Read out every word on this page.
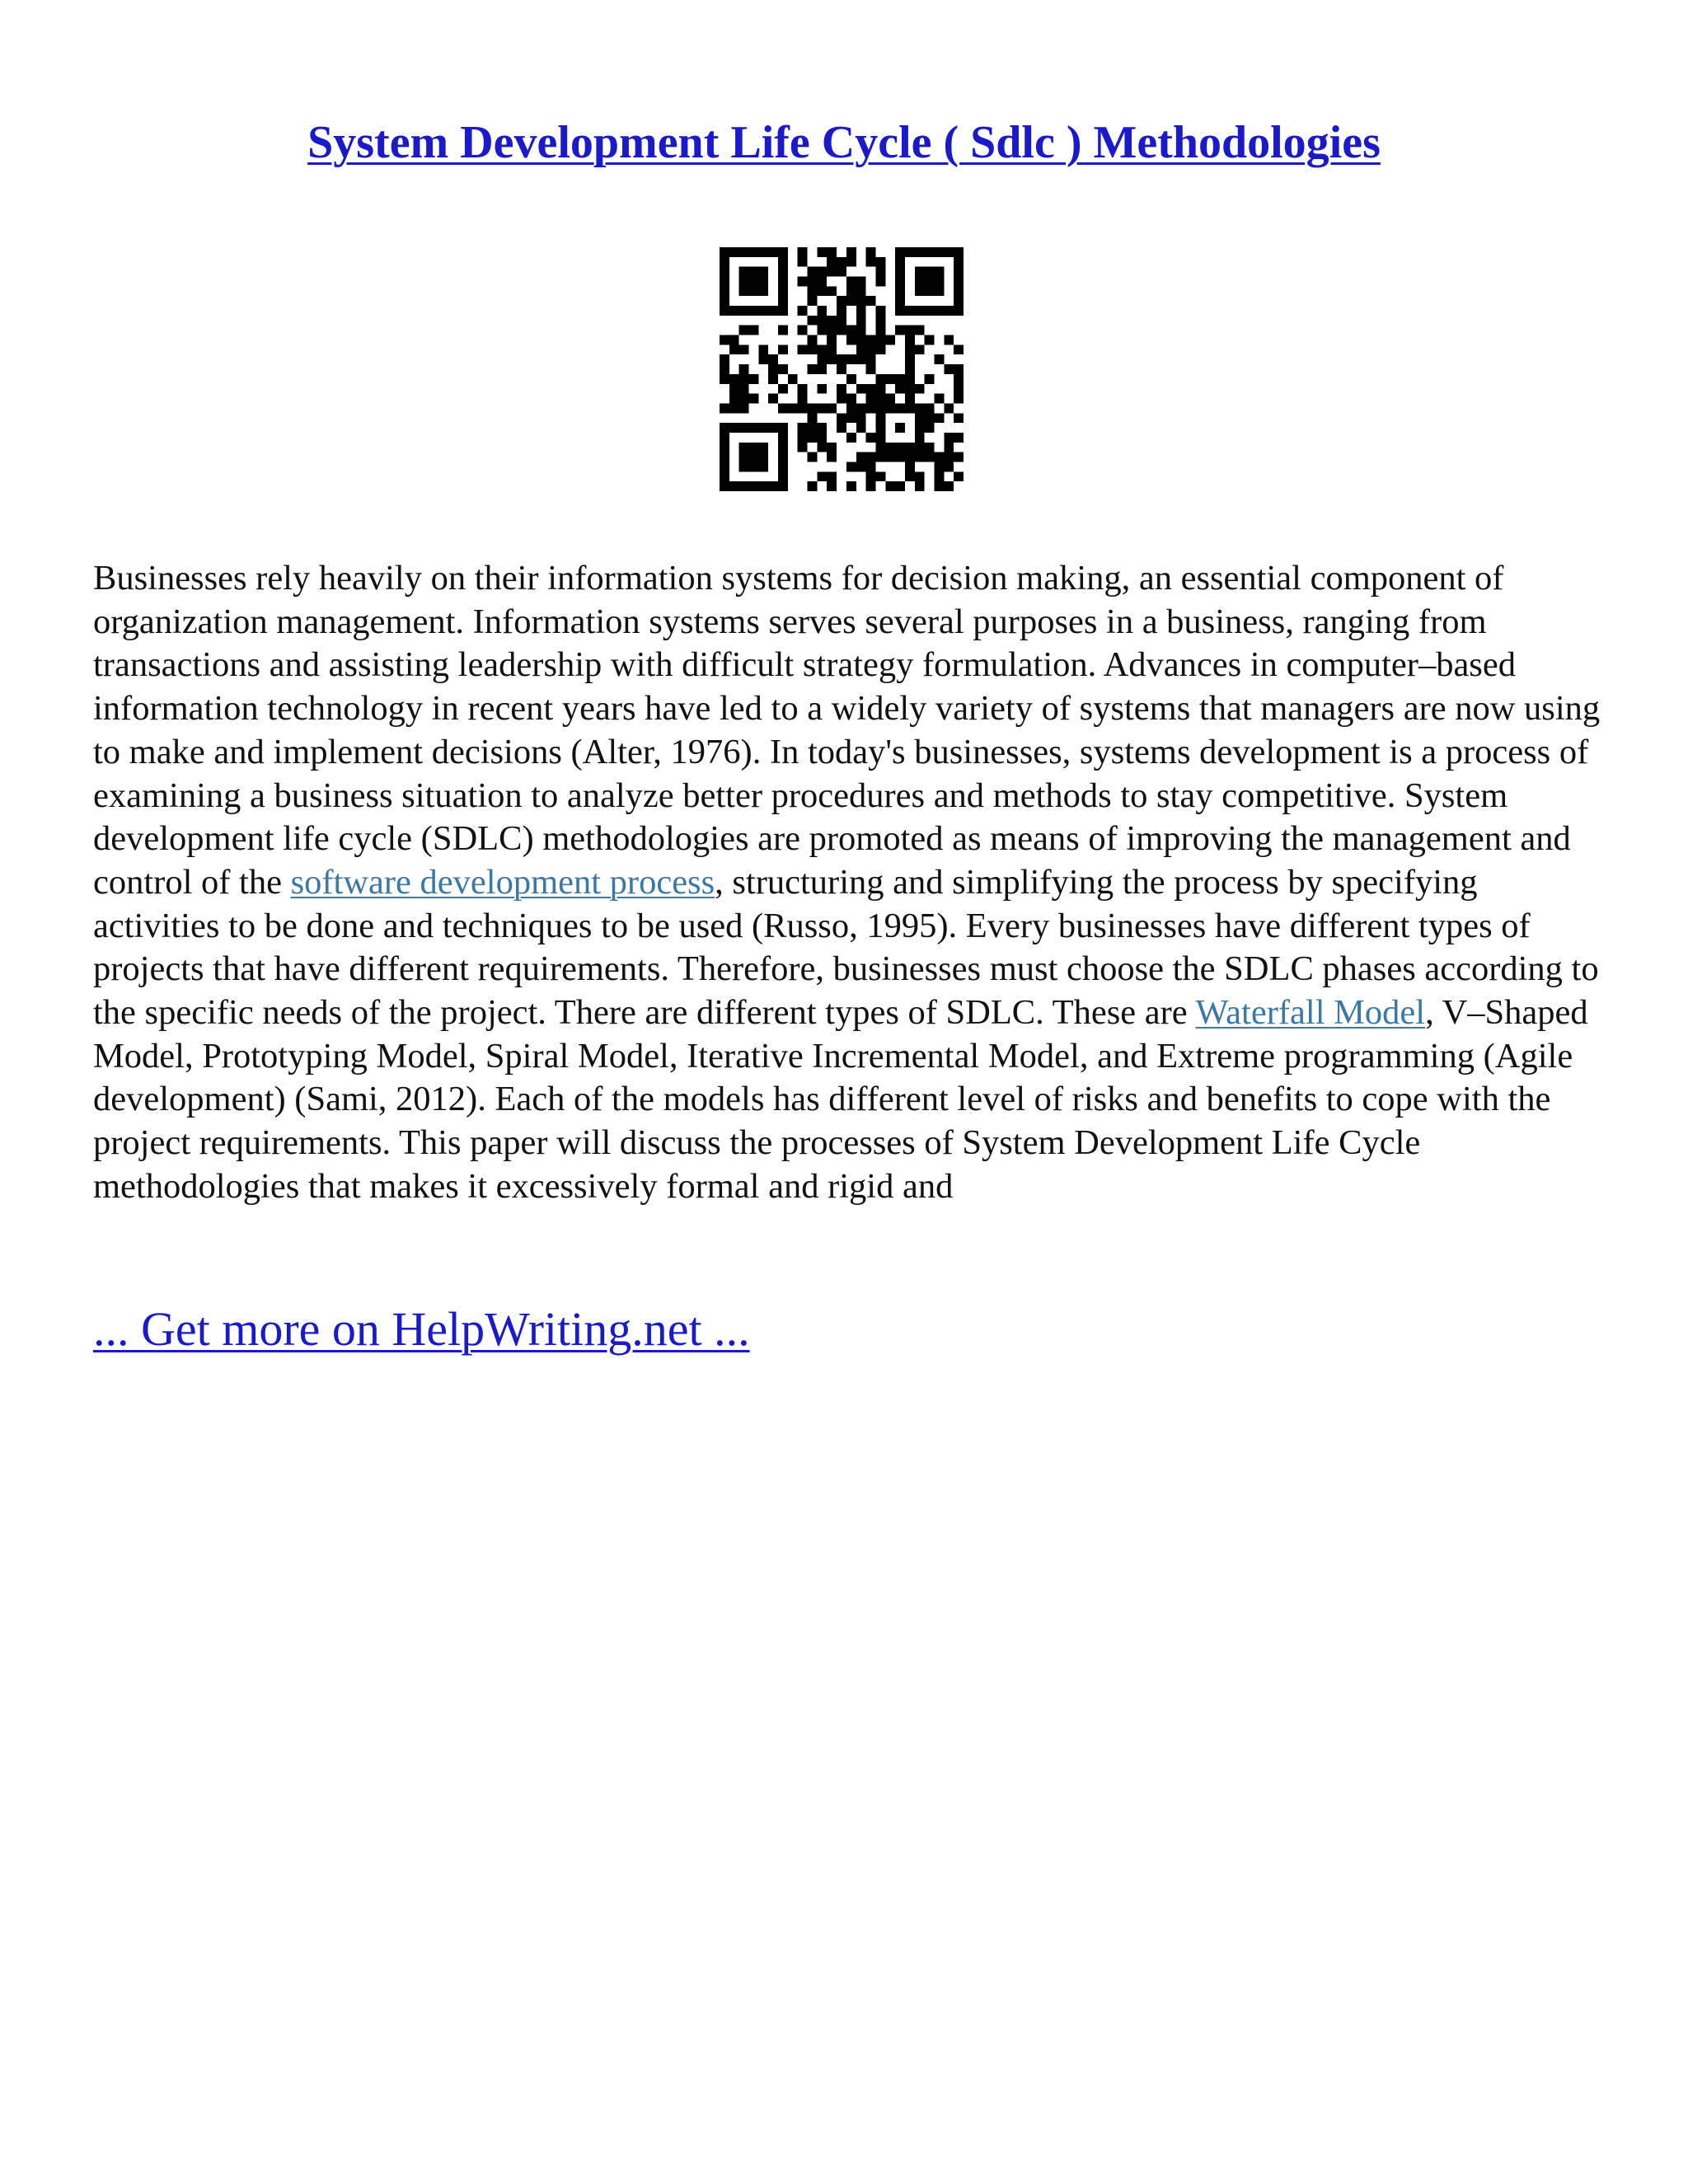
System Development Life Cycle ( Sdlc ) Methodologies

Businesses rely heavily on their information systems for decision making, an essential component of organization management. Information systems serves several purposes in a business, ranging from transactions and assisting leadership with difficult strategy formulation. Advances in computer–based information technology in recent years have led to a widely variety of systems that managers are now using to make and implement decisions (Alter, 1976). In today's businesses, systems development is a process of examining a business situation to analyze better procedures and methods to stay competitive. System development life cycle (SDLC) methodologies are promoted as means of improving the management and control of the software development process, structuring and simplifying the process by specifying activities to be done and techniques to be used (Russo, 1995). Every businesses have different types of projects that have different requirements. Therefore, businesses must choose the SDLC phases according to the specific needs of the project. There are different types of SDLC. These are Waterfall Model, V–Shaped Model, Prototyping Model, Spiral Model, Iterative Incremental Model, and Extreme programming (Agile development) (Sami, 2012). Each of the models has different level of risks and benefits to cope with the project requirements. This paper will discuss the processes of System Development Life Cycle methodologies that makes it excessively formal and rigid and

... Get more on HelpWriting.net ...
